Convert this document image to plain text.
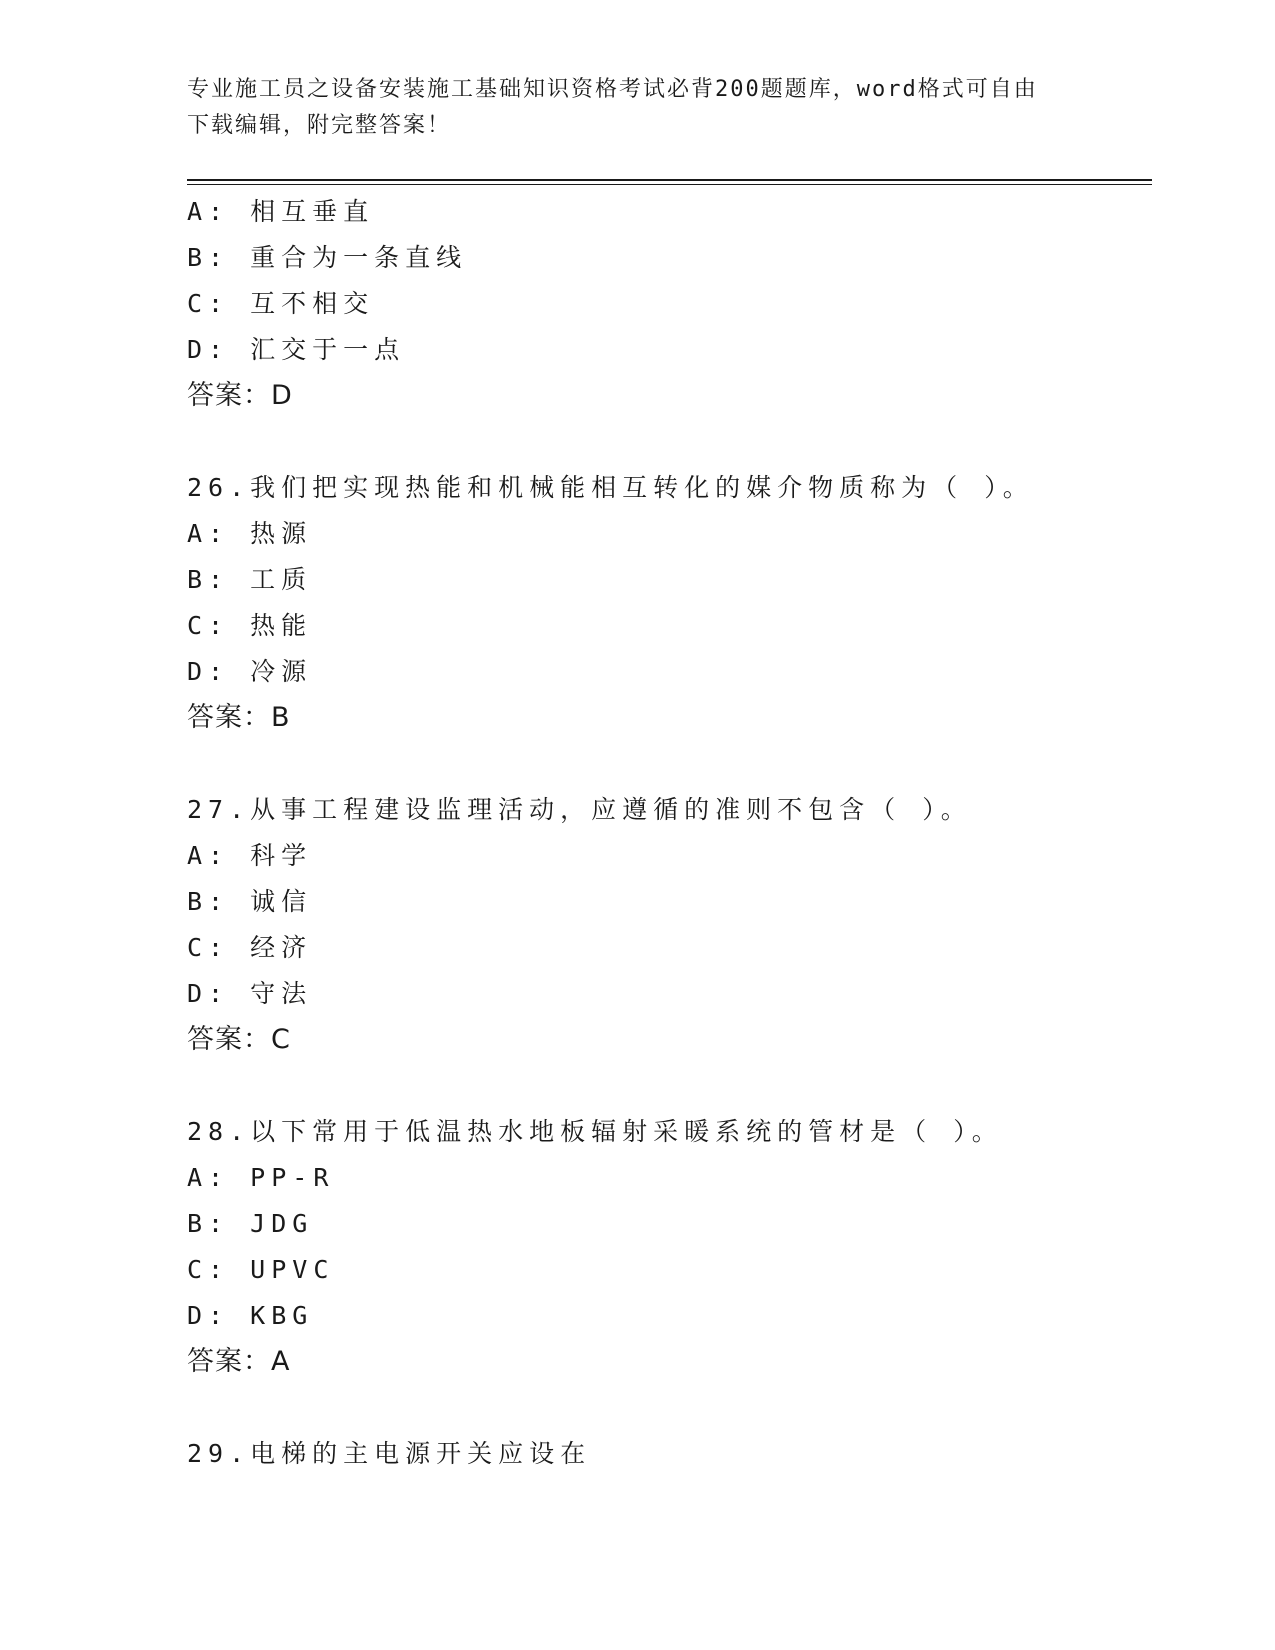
专业施工员之设备安装施工基础知识资格考试必背200题题库，word格式可自由
下载编辑，附完整答案！
A: 相互垂直
B: 重合为一条直线
C: 互不相交
D: 汇交于一点
答案：D
26.我们把实现热能和机械能相互转化的媒介物质称为（ ）。
A: 热源
B: 工质
C: 热能
D: 冷源
答案：B
27.从事工程建设监理活动，应遵循的准则不包含（ ）。
A: 科学
B: 诚信
C: 经济
D: 守法
答案：C
28.以下常用于低温热水地板辐射采暖系统的管材是（ ）。
A: PP-R
B: JDG
C: UPVC
D: KBG
答案：A
29.电梯的主电源开关应设在
